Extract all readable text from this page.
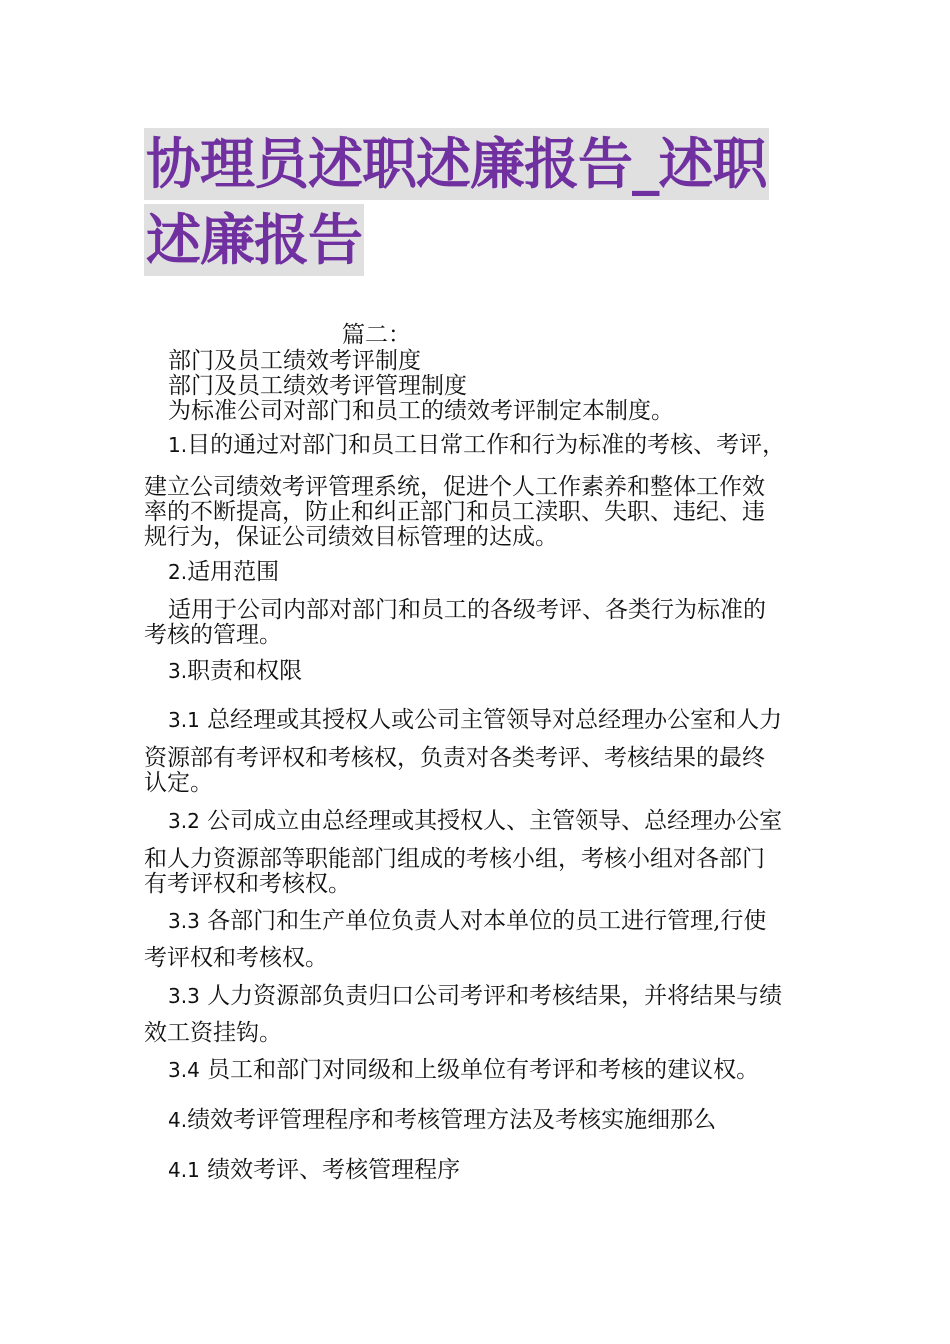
协理员述职述廉报告_述职
述廉报告
篇二：
部门及员工绩效考评制度
部门及员工绩效考评管理制度
为标准公司对部门和员工的绩效考评制定本制度。
1.目的通过对部门和员工日常工作和行为标准的考核、考评，
建立公司绩效考评管理系统，促进个人工作素养和整体工作效
率的不断提高，防止和纠正部门和员工渎职、失职、违纪、违
规行为，保证公司绩效目标管理的达成。
2.适用范围
适用于公司内部对部门和员工的各级考评、各类行为标准的
考核的管理。
3.职责和权限
3.1 总经理或其授权人或公司主管领导对总经理办公室和人力
资源部有考评权和考核权，负责对各类考评、考核结果的最终
认定。
3.2 公司成立由总经理或其授权人、主管领导、总经理办公室
和人力资源部等职能部门组成的考核小组，考核小组对各部门
有考评权和考核权。
3.3 各部门和生产单位负责人对本单位的员工进行管理,行使
考评权和考核权。
3.3 人力资源部负责归口公司考评和考核结果，并将结果与绩
效工资挂钩。
3.4 员工和部门对同级和上级单位有考评和考核的建议权。
4.绩效考评管理程序和考核管理方法及考核实施细那么
4.1 绩效考评、考核管理程序
